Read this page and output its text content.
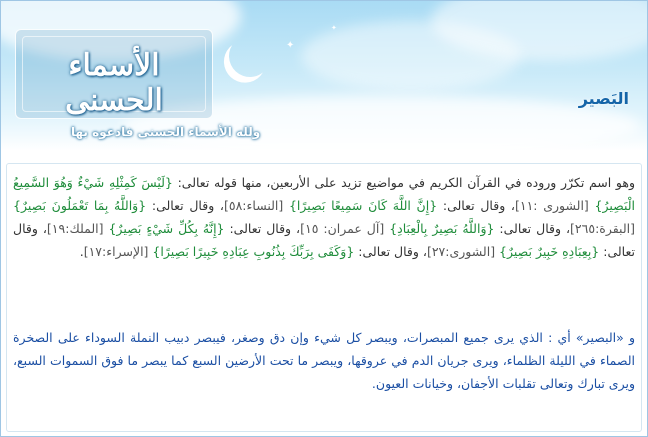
✦
✦
الأسماء الحسنى
ولله الأسماء الحسنى فادعوه بها
البَصير
وهو اسم تكرّر وروده في القرآن الكريم في مواضيع تزيد على الأربعين، منها قوله تعالى: {لَيْسَ كَمِثْلِهِ شَيْءٌ وَهُوَ السَّمِيعُ الْبَصِيرُ} [الشورى :١١]، وقال تعالى: {إِنَّ اللَّهَ كَانَ سَمِيعًا بَصِيرًا} [النساء:٥٨]، وقال تعالى: {وَاللَّهُ بِمَا تَعْمَلُونَ بَصِيرٌ} [البقرة:٢٦٥]، وقال تعالى: {وَاللَّهُ بَصِيرٌ بِالْعِبَادِ} [آل عمران: ١٥]، وقال تعالى: {إِنَّهُ بِكُلِّ شَيْءٍ بَصِيرٌ} [الملك:١٩]، وقال تعالى: {بِعِبَادِهِ خَبِيرٌ بَصِيرٌ} [الشورى:٢٧]، وقال تعالى: {وَكَفَى بِرَبِّكَ بِذُنُوبِ عِبَادِهِ خَبِيرًا بَصِيرًا} [الإسراء:١٧].
و «البصير» أي : الذي يرى جميع المبصرات، ويبصر كل شيء وإن دق وصغر، فيبصر دبيب النملة السوداء على الصخرة الصماء في الليلة الظلماء، ويرى جريان الدم في عروقها، ويبصر ما تحت الأرضين السبع كما يبصر ما فوق السموات السبع، ويرى تبارك وتعالى تقلبات الأجفان، وخيانات العيون.
